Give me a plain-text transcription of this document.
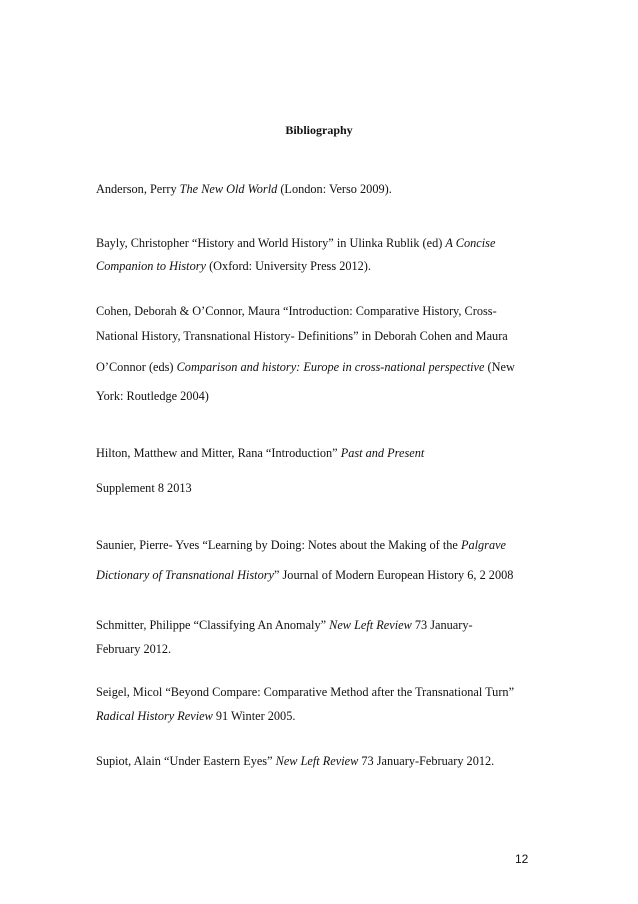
Bibliography
Anderson, Perry The New Old World (London: Verso 2009).
Bayly, Christopher “History and World History” in Ulinka Rublik (ed) A Concise
Companion to History (Oxford: University Press 2012).
Cohen, Deborah & O’Connor, Maura “Introduction: Comparative History, Cross-
National History, Transnational History- Definitions” in Deborah Cohen and Maura
O’Connor (eds) Comparison and history: Europe in cross-national perspective (New
York: Routledge 2004)
Hilton, Matthew and Mitter, Rana “Introduction” Past and Present
Supplement 8 2013
Saunier, Pierre- Yves “Learning by Doing: Notes about the Making of the Palgrave
Dictionary of Transnational History” Journal of Modern European History 6, 2 2008
Schmitter, Philippe “Classifying An Anomaly” New Left Review 73 January-
February 2012.
Seigel, Micol “Beyond Compare: Comparative Method after the Transnational Turn”
Radical History Review 91 Winter 2005.
Supiot, Alain “Under Eastern Eyes” New Left Review 73 January-February 2012.
12
